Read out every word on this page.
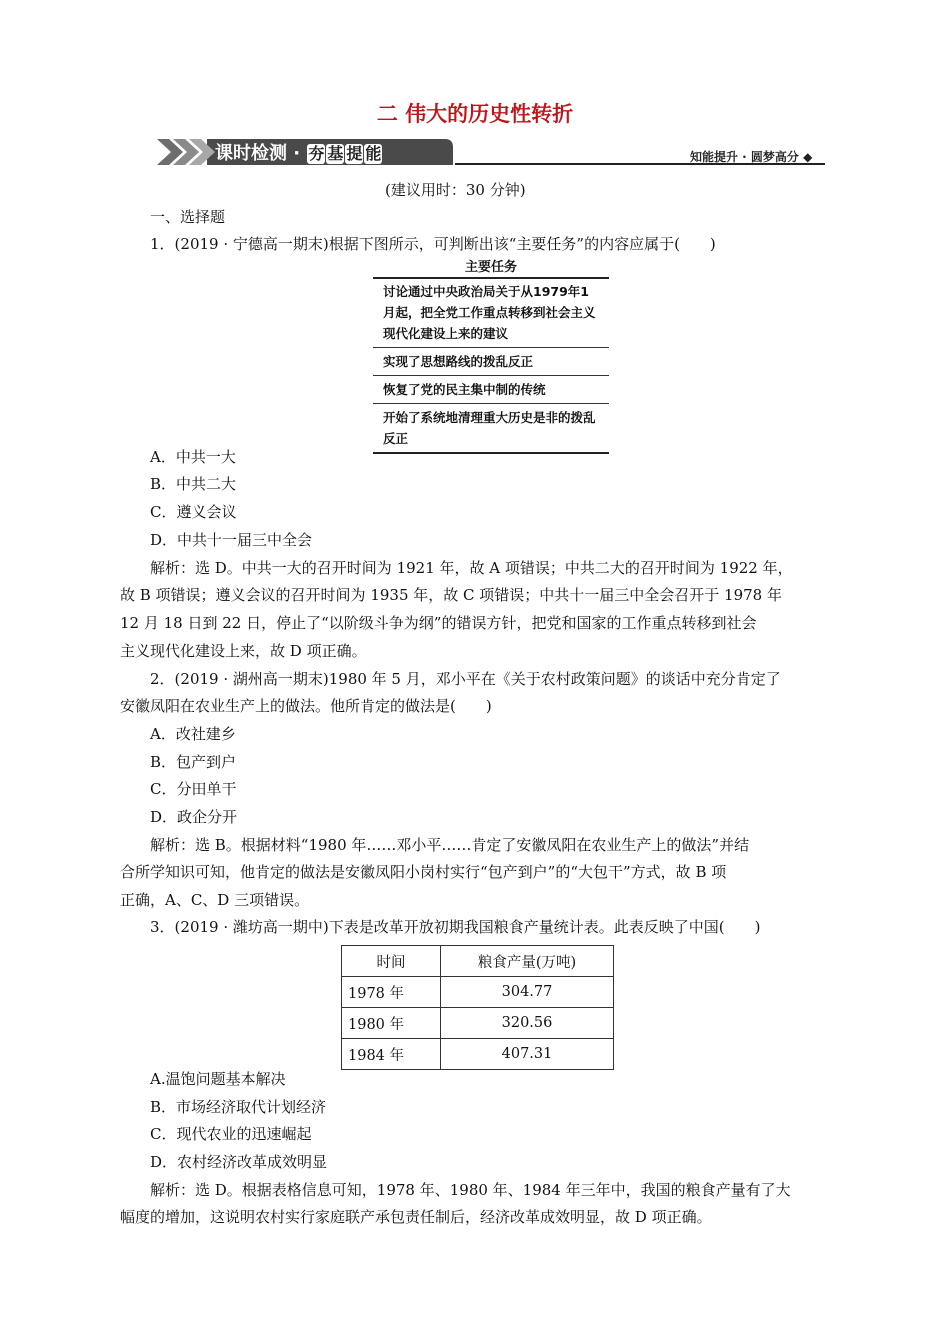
二 伟大的历史性转折
课时检测 · 夯 基 提 能	知能提升 · 圆梦高分 ◆
(建议用时：30 分钟)
一、选择题
1．(2019 · 宁德高一期末)根据下图所示，可判断出该“主要任务”的内容应属于(　　)
主要任务
讨论通过中央政治局关于从1979年1月起，把全党工作重点转移到社会主义现代化建设上来的建议
实现了思想路线的拨乱反正
恢复了党的民主集中制的传统
开始了系统地清理重大历史是非的拨乱反正
A．中共一大
B．中共二大
C．遵义会议
D．中共十一届三中全会
解析：选 D。中共一大的召开时间为 1921 年，故 A 项错误；中共二大的召开时间为 1922 年，
故 B 项错误；遵义会议的召开时间为 1935 年，故 C 项错误；中共十一届三中全会召开于 1978 年
12 月 18 日到 22 日，停止了“以阶级斗争为纲”的错误方针，把党和国家的工作重点转移到社会
主义现代化建设上来，故 D 项正确。
2．(2019 · 湖州高一期末)1980 年 5 月，邓小平在《关于农村政策问题》的谈话中充分肯定了
安徽凤阳在农业生产上的做法。他所肯定的做法是(　　)
A．改社建乡
B．包产到户
C．分田单干
D．政企分开
解析：选 B。根据材料“1980 年……邓小平……肯定了安徽凤阳在农业生产上的做法”并结
合所学知识可知，他肯定的做法是安徽凤阳小岗村实行“包产到户”的“大包干”方式，故 B 项
正确，A、C、D 三项错误。
3．(2019 · 潍坊高一期中)下表是改革开放初期我国粮食产量统计表。此表反映了中国(　　)
时间	粮食产量(万吨)
1978 年	304.77
1980 年	320.56
1984 年	407.31
A.温饱问题基本解决
B．市场经济取代计划经济
C．现代农业的迅速崛起
D．农村经济改革成效明显
解析：选 D。根据表格信息可知，1978 年、1980 年、1984 年三年中，我国的粮食产量有了大
幅度的增加，这说明农村实行家庭联产承包责任制后，经济改革成效明显，故 D 项正确。
